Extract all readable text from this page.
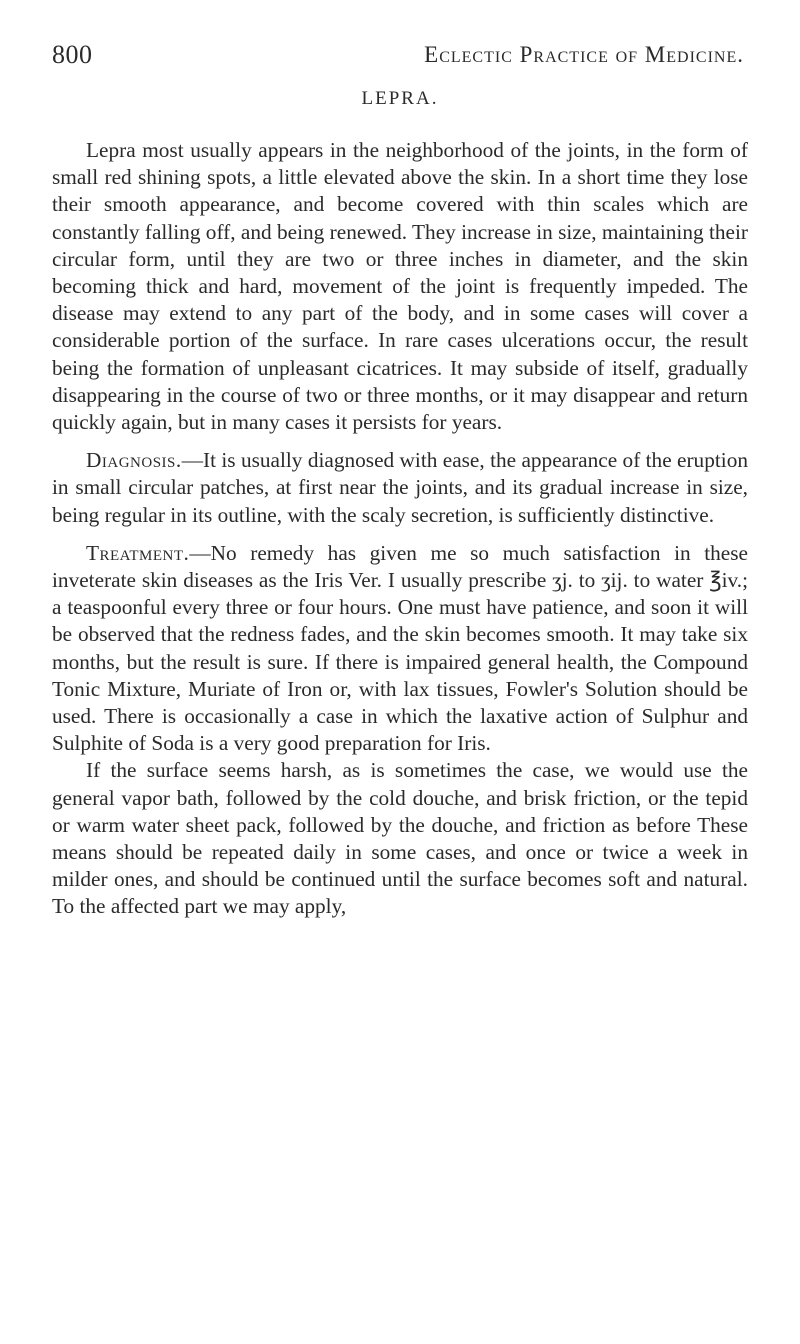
800	Eclectic Practice of Medicine.
LEPRA.

Lepra most usually appears in the neighborhood of the joints, in the form of small red shining spots, a little elevated above the skin. In a short time they lose their smooth appearance, and become covered with thin scales which are constantly falling off, and being renewed. They increase in size, maintaining their circular form, until they are two or three inches in diameter, and the skin becoming thick and hard, movement of the joint is frequently impeded. The disease may extend to any part of the body, and in some cases will cover a considerable portion of the surface. In rare cases ulcerations occur, the result being the formation of unpleasant cicatrices. It may subside of itself, gradually disappearing in the course of two or three months, or it may disappear and return quickly again, but in many cases it persists for years.

Diagnosis.—It is usually diagnosed with ease, the appearance of the eruption in small circular patches, at first near the joints, and its gradual increase in size, being regular in its outline, with the scaly secretion, is sufficiently distinctive.

Treatment.—No remedy has given me so much satisfaction in these inveterate skin diseases as the Iris Ver. I usually prescribe ʒj. to ʒij. to water ℥iv.; a teaspoonful every three or four hours. One must have patience, and soon it will be observed that the redness fades, and the skin becomes smooth. It may take six months, but the result is sure. If there is impaired general health, the Compound Tonic Mixture, Muriate of Iron or, with lax tissues, Fowler's Solution should be used. There is occasionally a case in which the laxative action of Sulphur and Sulphite of Soda is a very good preparation for Iris.

If the surface seems harsh, as is sometimes the case, we would use the general vapor bath, followed by the cold douche, and brisk friction, or the tepid or warm water sheet pack, followed by the douche, and friction as before These means should be repeated daily in some cases, and once or twice a week in milder ones, and should be continued until the surface becomes soft and natural. To the affected part we may apply,
